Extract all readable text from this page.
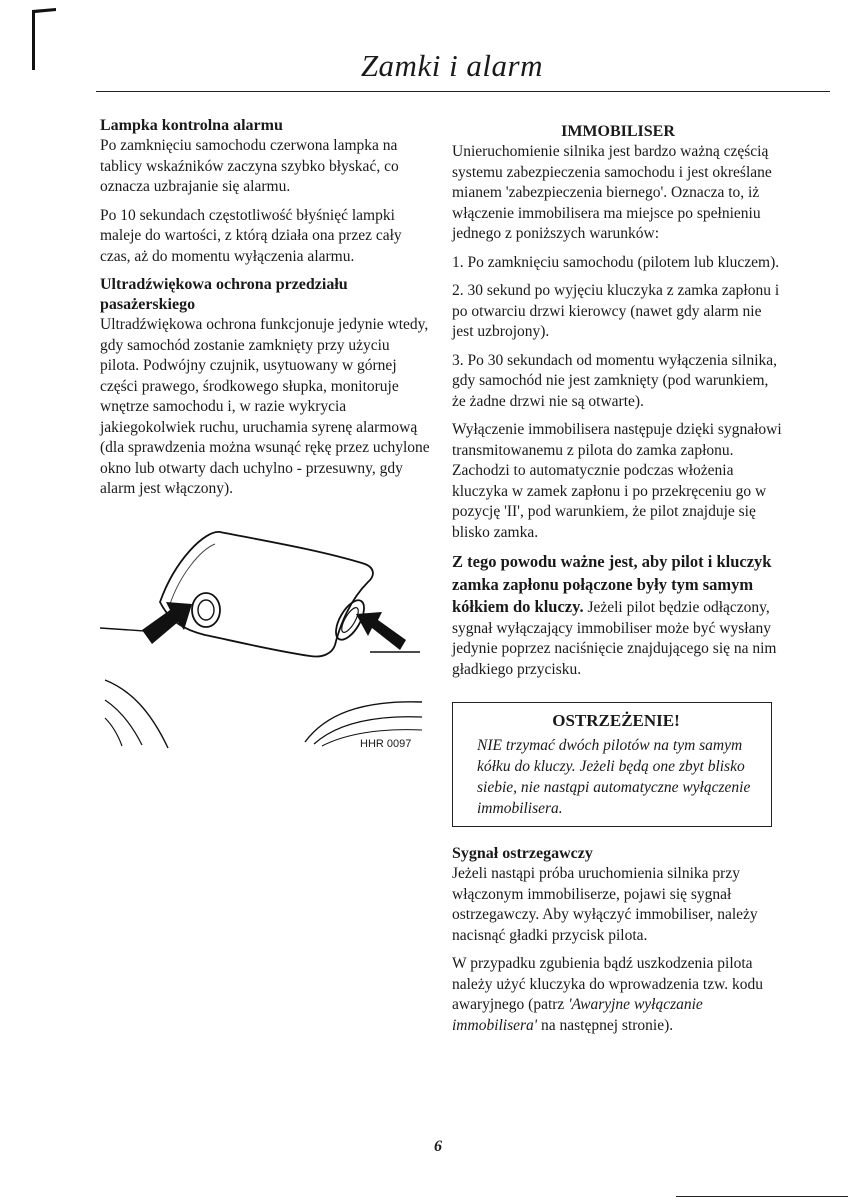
Zamki i alarm
Lampka kontrolna alarmu

Po zamknięciu samochodu czerwona lampka na tablicy wskaźników zaczyna szybko błyskać, co oznacza uzbrajanie się alarmu.

Po 10 sekundach częstotliwość błyśnięć lampki maleje do wartości, z którą działa ona przez cały czas, aż do momentu wyłączenia alarmu.

Ultradźwiękowa ochrona przedziału pasażerskiego

Ultradźwiękowa ochrona funkcjonuje jedynie wtedy, gdy samochód zostanie zamknięty przy użyciu pilota. Podwójny czujnik, usytuowany w górnej części prawego, środkowego słupka, monitoruje wnętrze samochodu i, w razie wykrycia jakiegokolwiek ruchu, uruchamia syrenę alarmową (dla sprawdzenia można wsunąć rękę przez uchylone okno lub otwarty dach uchylno - przesuwny, gdy alarm jest włączony).

HHR 0097
IMMOBILISER

Unieruchomienie silnika jest bardzo ważną częścią systemu zabezpieczenia samochodu i jest określane mianem 'zabezpieczenia biernego'. Oznacza to, iż włączenie immobilisera ma miejsce po spełnieniu jednego z poniższych warunków:

1. Po zamknięciu samochodu (pilotem lub kluczem).

2. 30 sekund po wyjęciu kluczyka z zamka zapłonu i po otwarciu drzwi kierowcy (nawet gdy alarm nie jest uzbrojony).

3. Po 30 sekundach od momentu wyłączenia silnika, gdy samochód nie jest zamknięty (pod warunkiem, że żadne drzwi nie są otwarte).

Wyłączenie immobilisera następuje dzięki sygnałowi transmitowanemu z pilota do zamka zapłonu. Zachodzi to automatycznie podczas włożenia kluczyka w zamek zapłonu i po przekręceniu go w pozycję 'II', pod warunkiem, że pilot znajduje się blisko zamka.

Z tego powodu ważne jest, aby pilot i kluczyk zamka zapłonu połączone były tym samym kółkiem do kluczy. Jeżeli pilot będzie odłączony, sygnał wyłączający immobiliser może być wysłany jedynie poprzez naciśnięcie znajdującego się na nim gładkiego przycisku.

OSTRZEŻENIE!

NIE trzymać dwóch pilotów na tym samym kółku do kluczy. Jeżeli będą one zbyt blisko siebie, nie nastąpi automatyczne wyłączenie immobilisera.

Sygnał ostrzegawczy

Jeżeli nastąpi próba uruchomienia silnika przy włączonym immobiliserze, pojawi się sygnał ostrzegawczy. Aby wyłączyć immobiliser, należy nacisnąć gładki przycisk pilota.

W przypadku zgubienia bądź uszkodzenia pilota należy użyć kluczyka do wprowadzenia tzw. kodu awaryjnego (patrz 'Awaryjne wyłączanie immobilisera' na następnej stronie).

6
